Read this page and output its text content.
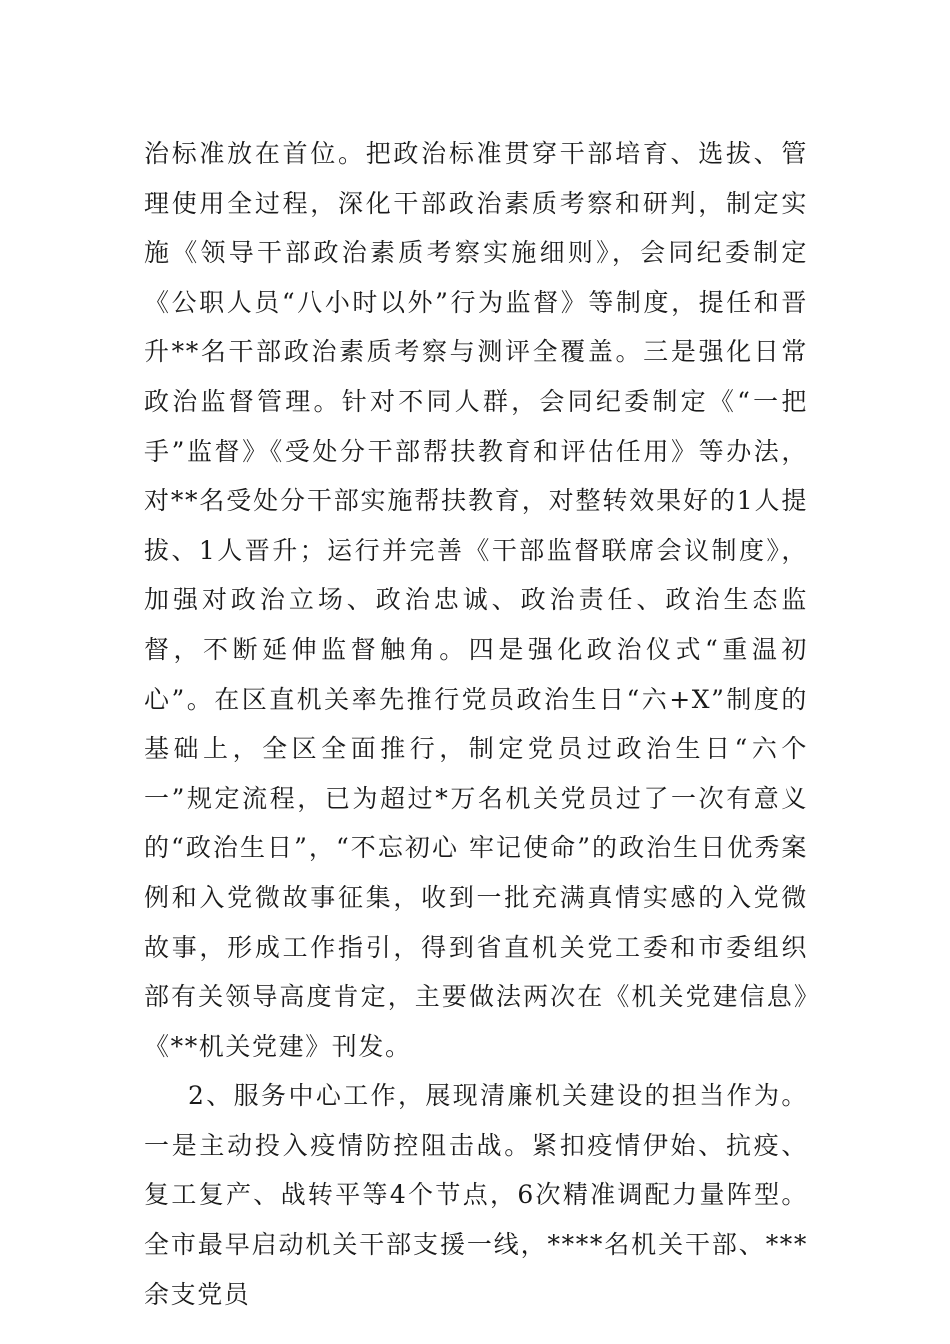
治标准放在首位。把政治标准贯穿干部培育、选拔、管理使用全过程，深化干部政治素质考察和研判，制定实施《领导干部政治素质考察实施细则》，会同纪委制定《公职人员“八小时以外”行为监督》等制度，提任和晋升**名干部政治素质考察与测评全覆盖。三是强化日常政治监督管理。针对不同人群，会同纪委制定《“一把手”监督》《受处分干部帮扶教育和评估任用》等办法，对**名受处分干部实施帮扶教育，对整转效果好的1人提拔、1人晋升；运行并完善《干部监督联席会议制度》，加强对政治立场、政治忠诚、政治责任、政治生态监督，不断延伸监督触角。四是强化政治仪式“重温初心”。在区直机关率先推行党员政治生日“六+X”制度的基础上，全区全面推行，制定党员过政治生日“六个一”规定流程，已为超过*万名机关党员过了一次有意义的“政治生日”，“不忘初心 牢记使命”的政治生日优秀案例和入党微故事征集，收到一批充满真情实感的入党微故事，形成工作指引，得到省直机关党工委和市委组织部有关领导高度肯定，主要做法两次在《机关党建信息》《**机关党建》刊发。

2、服务中心工作，展现清廉机关建设的担当作为。一是主动投入疫情防控阻击战。紧扣疫情伊始、抗疫、复工复产、战转平等4个节点，6次精准调配力量阵型。全市最早启动机关干部支援一线，****名机关干部、***余支党员
